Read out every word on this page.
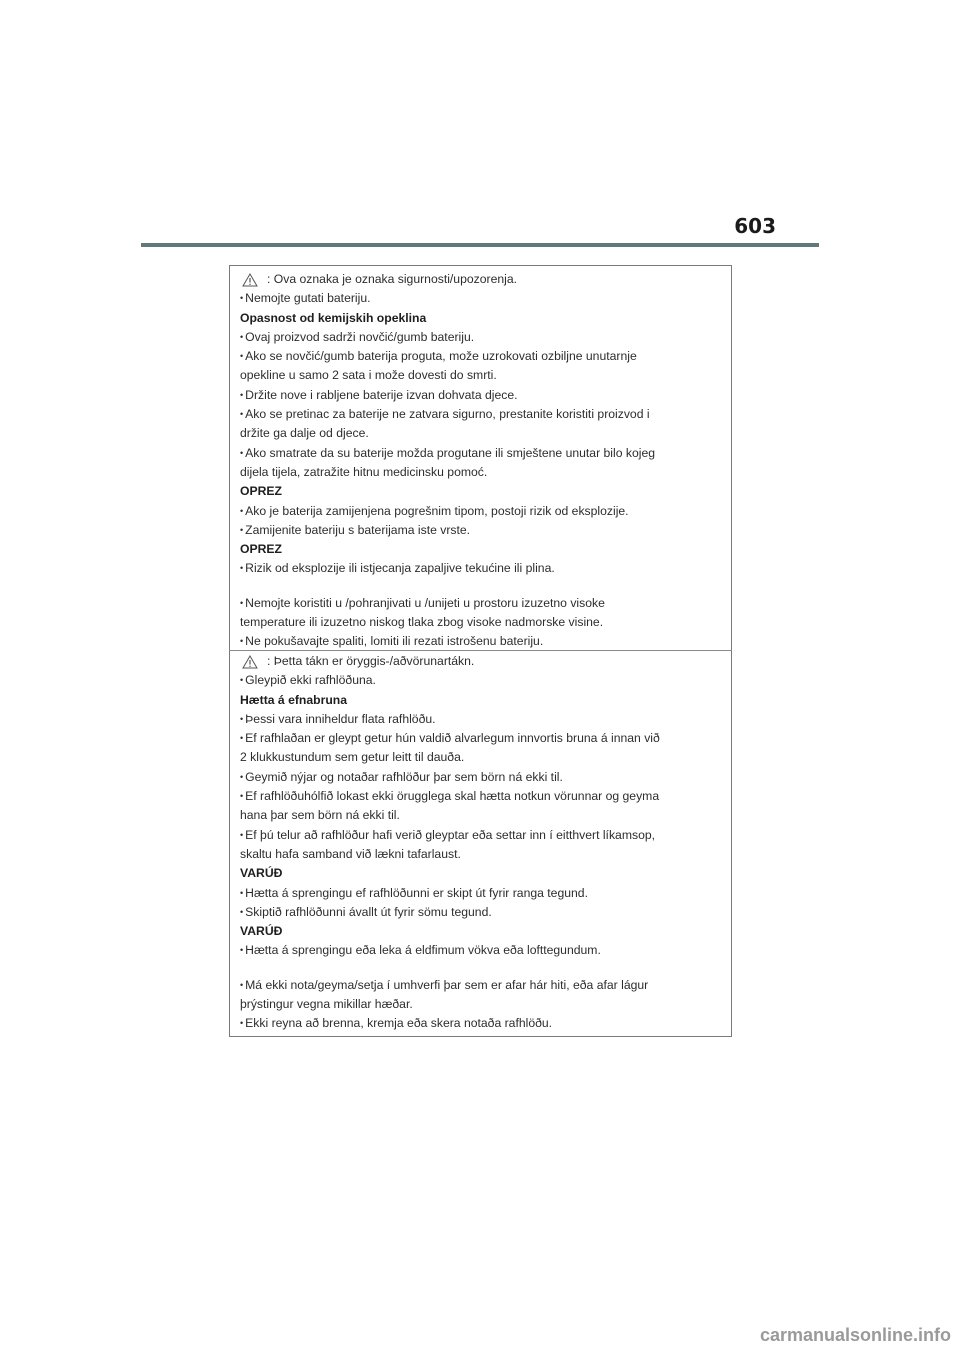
603
: Ova oznaka je oznaka sigurnosti/upozorenja.
• Nemojte gutati bateriju.
Opasnost od kemijskih opeklina
• Ovaj proizvod sadrži novčić/gumb bateriju.
• Ako se novčić/gumb baterija proguta, može uzrokovati ozbiljne unutarnje
opekline u samo 2 sata i može dovesti do smrti.
• Držite nove i rabljene baterije izvan dohvata djece.
• Ako se pretinac za baterije ne zatvara sigurno, prestanite koristiti proizvod i
držite ga dalje od djece.
• Ako smatrate da su baterije možda progutane ili smještene unutar bilo kojeg
dijela tijela, zatražite hitnu medicinsku pomoć.
OPREZ
• Ako je baterija zamijenjena pogrešnim tipom, postoji rizik od eksplozije.
• Zamijenite bateriju s baterijama iste vrste.
OPREZ
• Rizik od eksplozije ili istjecanja zapaljive tekućine ili plina.
• Nemojte koristiti u /pohranjivati u /unijeti u prostoru izuzetno visoke
temperature ili izuzetno niskog tlaka zbog visoke nadmorske visine.
• Ne pokušavajte spaliti, lomiti ili rezati istrošenu bateriju.
: Þetta tákn er öryggis-/aðvörunartákn.
• Gleypið ekki rafhlöðuna.
Hætta á efnabruna
• Þessi vara inniheldur flata rafhlöðu.
• Ef rafhlaðan er gleypt getur hún valdið alvarlegum innvortis bruna á innan við
2 klukkustundum sem getur leitt til dauða.
• Geymið nýjar og notaðar rafhlöður þar sem börn ná ekki til.
• Ef rafhlöðuhólfið lokast ekki örugglega skal hætta notkun vörunnar og geyma
hana þar sem börn ná ekki til.
• Ef þú telur að rafhlöður hafi verið gleyptar eða settar inn í eitthvert líkamsop,
skaltu hafa samband við lækni tafarlaust.
VARÚÐ
• Hætta á sprengingu ef rafhlöðunni er skipt út fyrir ranga tegund.
• Skiptið rafhlöðunni ávallt út fyrir sömu tegund.
VARÚÐ
• Hætta á sprengingu eða leka á eldfimum vökva eða lofttegundum.
• Má ekki nota/geyma/setja í umhverfi þar sem er afar hár hiti, eða afar lágur
þrýstingur vegna mikillar hæðar.
• Ekki reyna að brenna, kremja eða skera notaða rafhlöðu.
carmanualsonline.info
